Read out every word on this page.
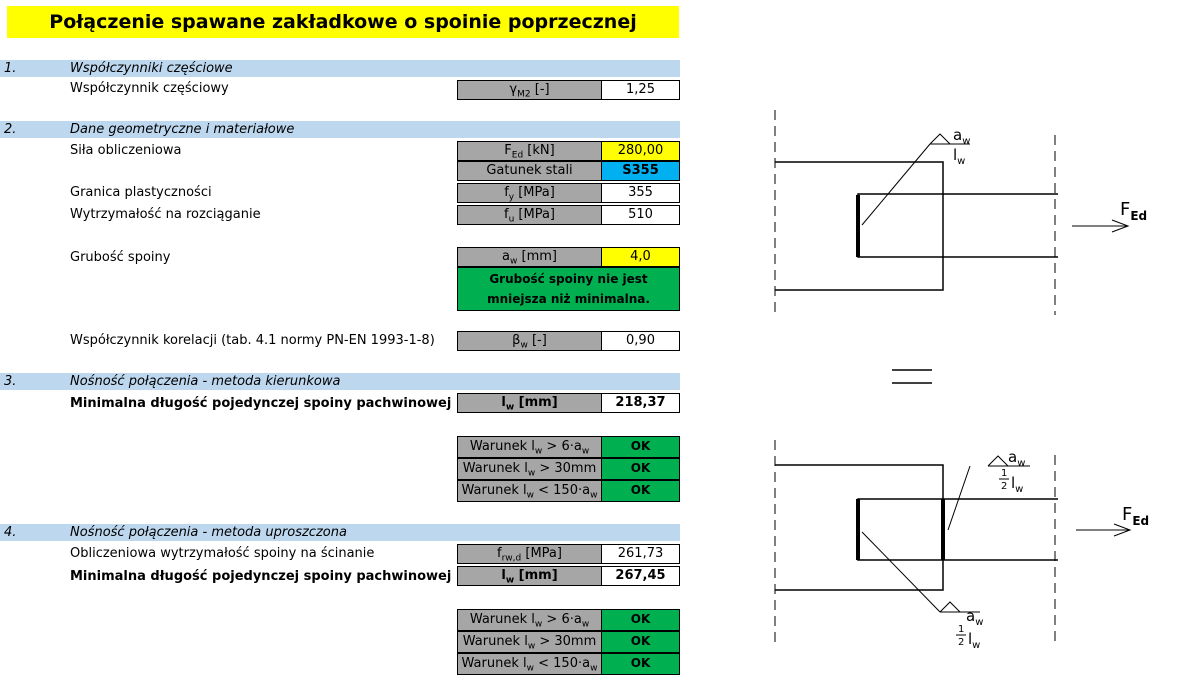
Połączenie spawane zakładkowe o spoinie poprzecznej
1.	Współczynniki częściowe
Współczynnik częściowy	$\gamma_{M2}$ [-]	1,25
2.	Dane geometryczne i materiałowe
Siła obliczeniowa	$F_{Ed}$ [kN]	280,00
Gatunek stali	S355
Granica plastyczności	$f_y$ [MPa]	355
Wytrzymałość na rozciąganie	$f_u$ [MPa]	510
Grubość spoiny	$a_w$ [mm]	4,0
Grubość spoiny nie jest mniejsza niż minimalna.
Współczynnik korelacji (tab. 4.1 normy PN-EN 1993-1-8)	$\beta_w$ [-]	0,90
3.	Nośność połączenia - metoda kierunkowa
Minimalna długość pojedynczej spoiny pachwinowej	$l_w$ [mm]	218,37
Warunek $l_w > 6\cdot a_w$	OK
Warunek $l_w > 30mm$	OK
Warunek $l_w < 150\cdot a_w$	OK
4.	Nośność połączenia - metoda uproszczona
Obliczeniowa wytrzymałość spoiny na ścinanie	$f_{rw,d}$ [MPa]	261,73
Minimalna długość pojedynczej spoiny pachwinowej	$l_w$ [mm]	267,45
Warunek $l_w > 6\cdot a_w$	OK
Warunek $l_w > 30mm$	OK
Warunek $l_w < 150\cdot a_w$	OK
$a_w$
$l_w$
$F_{Ed}$
$a_w$
1
2 $l_w$
$F_{Ed}$
$a_w$
1
2 $l_w$
